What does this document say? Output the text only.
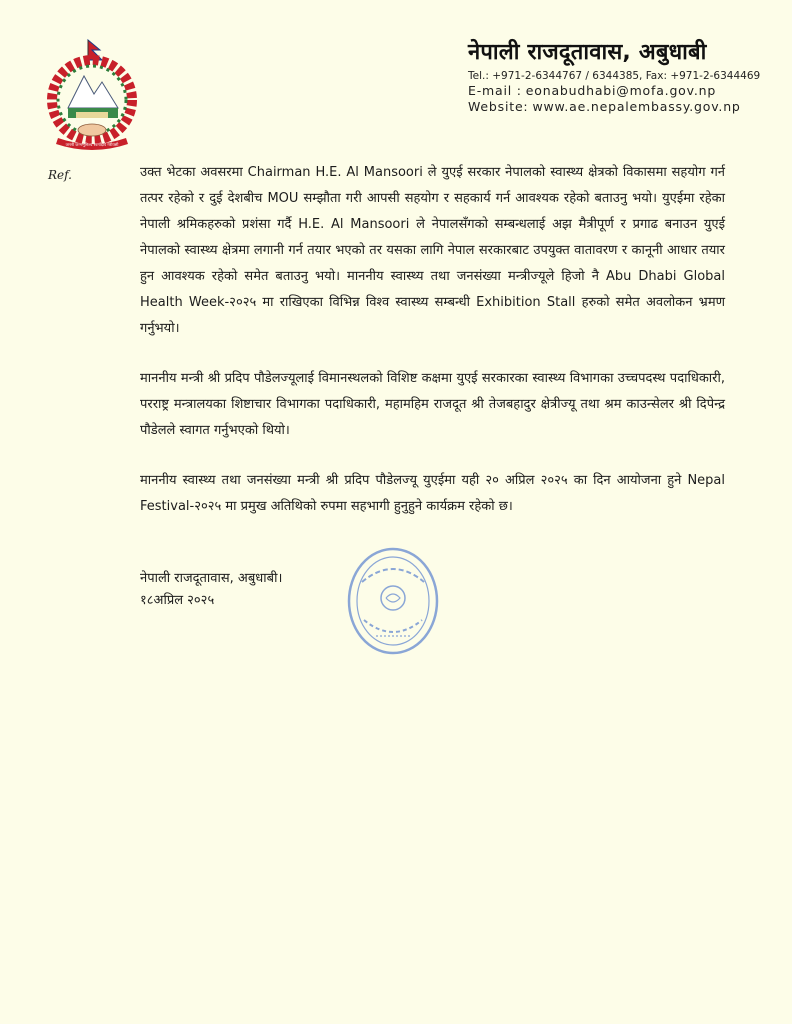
जननी जन्मभूमिश्च स्वर्गादपि गरीयसी
नेपाली राजदूतावास, अबुधाबी
Tel.: +971-2-6344767 / 6344385, Fax: +971-2-6344469
E-mail : eonabudhabi@mofa.gov.np
Website: www.ae.nepalembassy.gov.np
Ref.	उक्त भेटका अवसरमा Chairman H.E. Al Mansoori ले युएई सरकार नेपालको स्वास्थ्य क्षेत्रको विकासमा सहयोग गर्न तत्पर रहेको र दुई देशबीच MOU सम्झौता गरी आपसी सहयोग र सहकार्य गर्न आवश्यक रहेको बताउनु भयो। युएईमा रहेका नेपाली श्रमिकहरुको प्रशंसा गर्दै H.E. Al Mansoori ले नेपालसँगको सम्बन्धलाई अझ मैत्रीपूर्ण र प्रगाढ बनाउन युएई नेपालको स्वास्थ्य क्षेत्रमा लगानी गर्न तयार भएको तर यसका लागि नेपाल सरकारबाट उपयुक्त वातावरण र कानूनी आधार तयार हुन आवश्यक रहेको समेत बताउनु भयो। माननीय स्वास्थ्य तथा जनसंख्या मन्त्रीज्यूले हिजो नै Abu Dhabi Global Health Week-२०२५ मा राखिएका विभिन्न विश्व स्वास्थ्य सम्बन्धी Exhibition Stall हरुको समेत अवलोकन भ्रमण गर्नुभयो।

माननीय मन्त्री श्री प्रदिप पौडेलज्यूलाई विमानस्थलको विशिष्ट कक्षमा युएई सरकारका स्वास्थ्य विभागका उच्चपदस्थ पदाधिकारी, परराष्ट्र मन्त्रालयका शिष्टाचार विभागका पदाधिकारी, महामहिम राजदूत श्री तेजबहादुर क्षेत्रीज्यू तथा श्रम काउन्सेलर श्री दिपेन्द्र पौडेलले स्वागत गर्नुभएको थियो।

माननीय स्वास्थ्य तथा जनसंख्या मन्त्री श्री प्रदिप पौडेलज्यू युएईमा यही २० अप्रिल २०२५ का दिन आयोजना हुने Nepal Festival-२०२५ मा प्रमुख अतिथिको रुपमा सहभागी हुनुहुने कार्यक्रम रहेको छ।

नेपाली राजदूतावास, अबुधाबी।
१८अप्रिल २०२५
